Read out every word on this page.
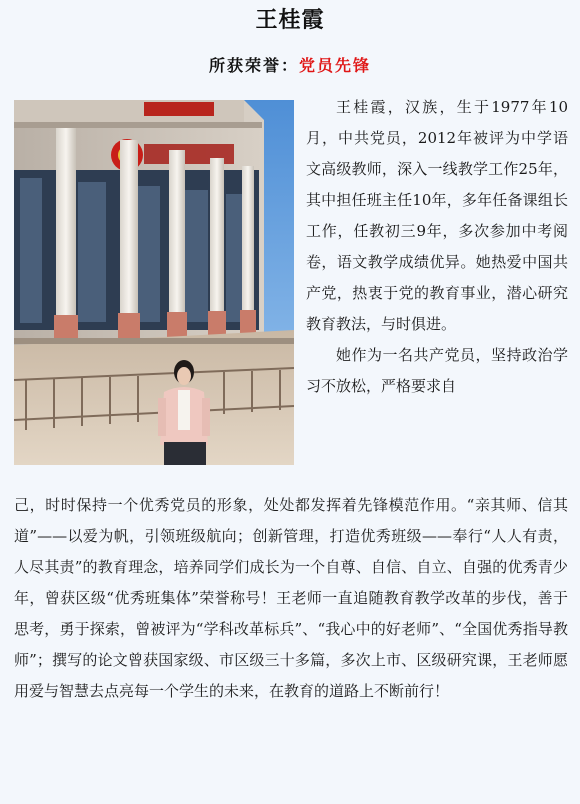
王桂霞
所获荣誉：党员先锋

王桂霞，汉族，生于1977年10月，中共党员，2012年被评为中学语文高级教师，深入一线教学工作25年，其中担任班主任10年，多年任备课组长工作，任教初三9年，多次参加中考阅卷，语文教学成绩优异。她热爱中国共产党，热衷于党的教育事业，潜心研究教育教法，与时俱进。

她作为一名共产党员，坚持政治学习不放松，严格要求自

己，时时保持一个优秀党员的形象，处处都发挥着先锋模范作用。“亲其师、信其道”——以爱为帆，引领班级航向；创新管理，打造优秀班级——奉行“人人有责，人尽其责”的教育理念，培养同学们成长为一个自尊、自信、自立、自强的优秀青少年，曾获区级“优秀班集体”荣誉称号！王老师一直追随教育教学改革的步伐，善于思考，勇于探索，曾被评为“学科改革标兵”、“我心中的好老师”、“全国优秀指导教师”；撰写的论文曾获国家级、市区级三十多篇，多次上市、区级研究课，王老师愿用爱与智慧去点亮每一个学生的未来，在教育的道路上不断前行！
